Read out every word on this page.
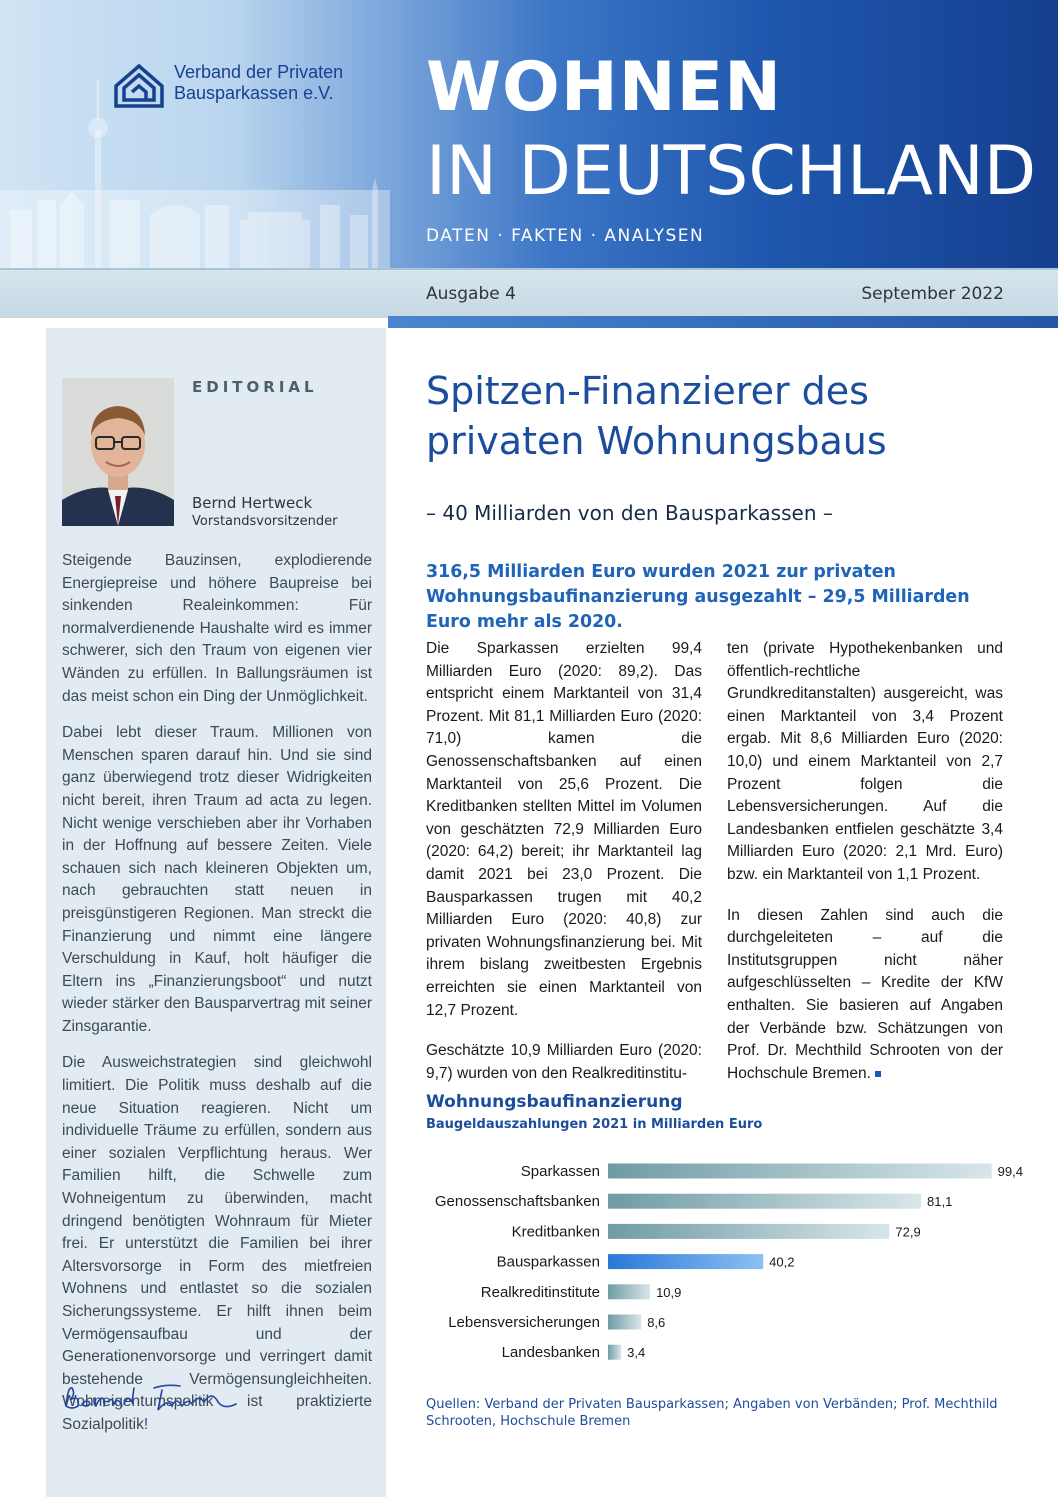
Verband der Privaten
Bausparkassen e.V. WOHNEN
IN DEUTSCHLAND
DATEN · FAKTEN · ANALYSEN
Ausgabe 4	September 2022
EDITORIAL
Bernd Hertweck
Vorstandsvorsitzender

Steigende Bauzinsen, explodierende Energiepreise und höhere Baupreise bei sinkenden Realeinkommen: Für normalverdienende Haushalte wird es immer schwerer, sich den Traum von eigenen vier Wänden zu erfüllen. In Ballungsräumen ist das meist schon ein Ding der Unmöglichkeit.

Dabei lebt dieser Traum. Millionen von Menschen sparen darauf hin. Und sie sind ganz überwiegend trotz dieser Widrigkeiten nicht bereit, ihren Traum ad acta zu legen. Nicht wenige verschieben aber ihr Vorhaben in der Hoffnung auf bessere Zeiten. Viele schauen sich nach kleineren Objekten um, nach gebrauchten statt neuen in preisgünstigeren Regionen. Man streckt die Finanzierung und nimmt eine längere Verschuldung in Kauf, holt häufiger die Eltern ins „Finanzierungsboot“ und nutzt wieder stärker den Bausparvertrag mit seiner Zinsgarantie.

Die Ausweichstrategien sind gleichwohl limitiert. Die Politik muss deshalb auf die neue Situation reagieren. Nicht um individuelle Träume zu erfüllen, sondern aus einer sozialen Verpflichtung heraus. Wer Familien hilft, die Schwelle zum Wohneigentum zu überwinden, macht dringend benötigten Wohnraum für Mieter frei. Er unterstützt die Familien bei ihrer Altersvorsorge in Form des mietfreien Wohnens und entlastet so die sozialen Sicherungssysteme. Er hilft ihnen beim Vermögensaufbau und der Generationenvorsorge und verringert damit bestehende Vermögensungleichheiten. Wohneigentumspolitik ist praktizierte Sozialpolitik!

Spitzen-Finanzierer des privaten Wohnungsbaus
– 40 Milliarden von den Bausparkassen –
316,5 Milliarden Euro wurden 2021 zur privaten Wohnungsbaufinanzierung ausgezahlt – 29,5 Milliarden Euro mehr als 2020.

Die Sparkassen erzielten 99,4 Milliarden Euro (2020: 89,2). Das entspricht einem Marktanteil von 31,4 Prozent. Mit 81,1 Milliarden Euro (2020: 71,0) kamen die Genossenschaftsbanken auf einen Marktanteil von 25,6 Prozent. Die Kreditbanken stellten Mittel im Volumen von geschätzten 72,9 Milliarden Euro (2020: 64,2) bereit; ihr Marktanteil lag damit 2021 bei 23,0 Prozent. Die Bausparkassen trugen mit 40,2 Milliarden Euro (2020: 40,8) zur privaten Wohnungsfinanzierung bei. Mit ihrem bislang zweitbesten Ergebnis erreichten sie einen Marktanteil von 12,7 Prozent.

Geschätzte 10,9 Milliarden Euro (2020: 9,7) wurden von den Realkreditinstitu-

ten (private Hypothekenbanken und öffentlich-rechtliche Grundkreditanstalten) ausgereicht, was einen Marktanteil von 3,4 Prozent ergab. Mit 8,6 Milliarden Euro (2020: 10,0) und einem Marktanteil von 2,7 Prozent folgen die Lebensversicherungen. Auf die Landesbanken entfielen geschätzte 3,4 Milliarden Euro (2020: 2,1 Mrd. Euro) bzw. ein Marktanteil von 1,1 Prozent.

In diesen Zahlen sind auch die durchgeleiteten – auf die Institutsgruppen nicht näher aufgeschlüsselten – Kredite der KfW enthalten. Sie basieren auf Angaben der Verbände bzw. Schätzungen von Prof. Dr. Mechthild Schrooten von der Hochschule Bremen.

Wohnungsbaufinanzierung
Baugeldauszahlungen 2021 in Milliarden Euro
Sparkassen	99,4
Genossenschaftsbanken	81,1
Kreditbanken	72,9
Bausparkassen	40,2
Realkreditinstitute	10,9
Lebensversicherungen	8,6
Landesbanken 3,4
Quellen: Verband der Privaten Bausparkassen; Angaben von Verbänden; Prof. Mechthild Schrooten, Hochschule Bremen
